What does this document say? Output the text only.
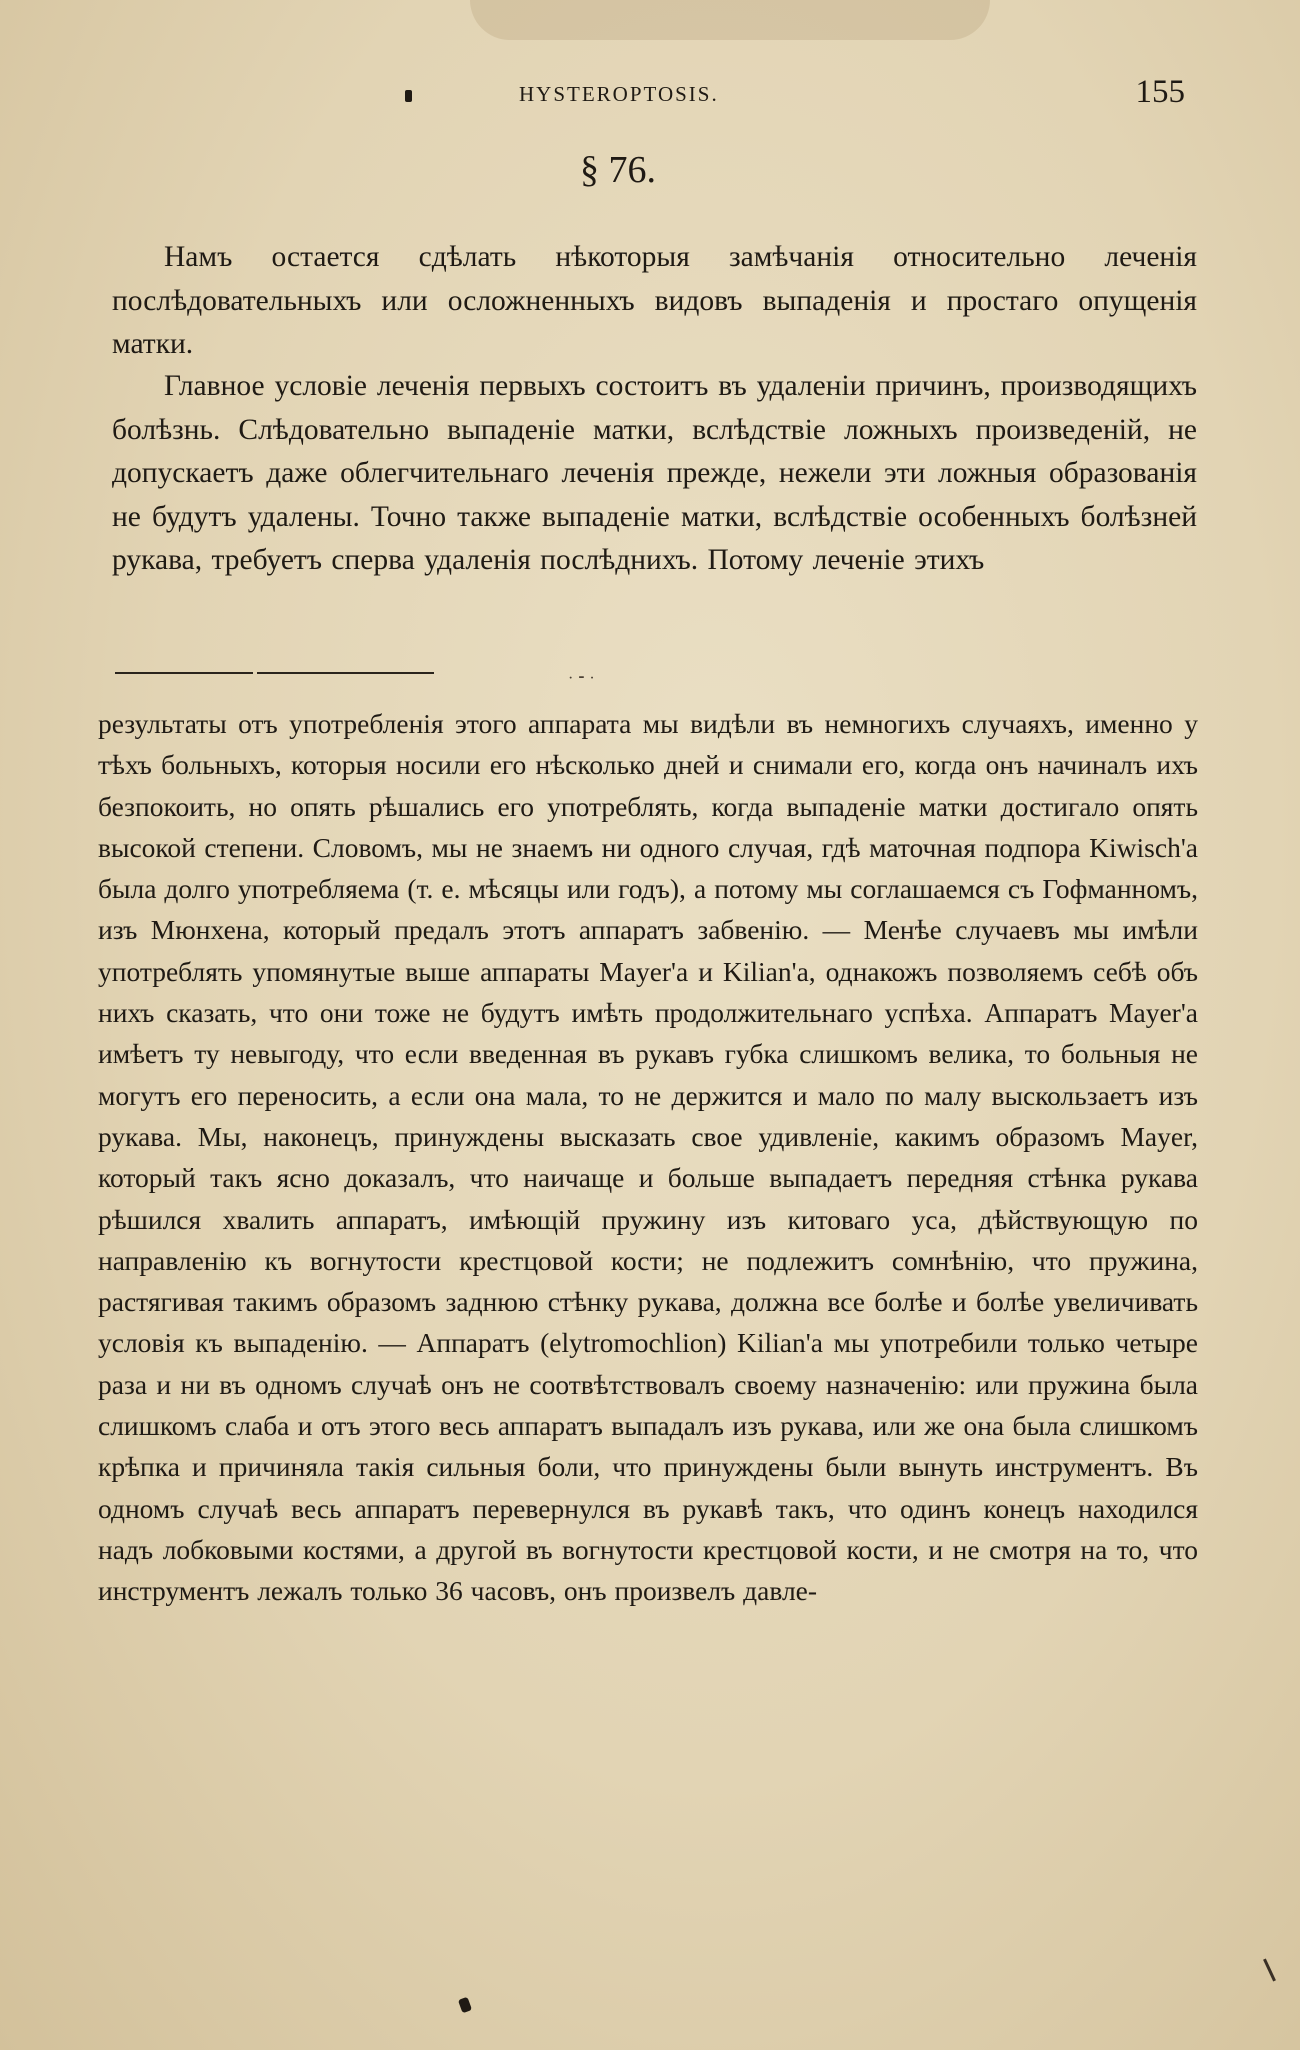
HYSTEROPTOSIS.	155
§ 76.

Намъ остается сдѣлать нѣкоторыя замѣчанія относительно леченія послѣдовательныхъ или осложненныхъ видовъ выпаденія и простаго опущенія матки.

Главное условіе леченія первыхъ состоитъ въ удаленіи причинъ, производящихъ болѣзнь. Слѣдовательно выпаденіе матки, вслѣдствіе ложныхъ произведеній, не допускаетъ даже облегчительнаго леченія прежде, нежели эти ложныя образованія не будутъ удалены. Точно также выпаденіе матки, вслѣдствіе особенныхъ болѣзней рукава, требуетъ сперва удаленія послѣднихъ. Потому леченіе этихъ

· ⁃ ·

результаты отъ употребленія этого аппарата мы видѣли въ немногихъ случаяхъ, именно у тѣхъ больныхъ, которыя носили его нѣсколько дней и снимали его, когда онъ начиналъ ихъ безпокоить, но опять рѣшались его употреблять, когда выпаденіе матки достигало опять высокой степени. Словомъ, мы не знаемъ ни одного случая, гдѣ маточная подпора Kiwisch'а была долго употребляема (т. е. мѣсяцы или годъ), а потому мы соглашаемся съ Гофманномъ, изъ Мюнхена, который предалъ этотъ аппаратъ забвенію. — Менѣе случаевъ мы имѣли употреблять упомянутые выше аппараты Mayer'а и Kilian'а, однакожъ позволяемъ себѣ объ нихъ сказать, что они тоже не будутъ имѣть продолжительнаго успѣха. Аппаратъ Mayer'а имѣетъ ту невыгоду, что если введенная въ рукавъ губка слишкомъ велика, то больныя не могутъ его переносить, а если она мала, то не держится и мало по малу выскользаетъ изъ рукава. Мы, наконецъ, принуждены высказать свое удивленіе, какимъ образомъ Mayer, который такъ ясно доказалъ, что наичаще и больше выпадаетъ передняя стѣнка рукава рѣшился хвалить аппаратъ, имѣющій пружину изъ китоваго уса, дѣйствующую по направленію къ вогнутости крестцовой кости; не подлежитъ сомнѣнію, что пружина, растягивая такимъ образомъ заднюю стѣнку рукава, должна все болѣе и болѣе увеличивать условія къ выпаденію. — Аппаратъ (elytromochlion) Kilian'а мы употребили только четыре раза и ни въ одномъ случаѣ онъ не соотвѣтствовалъ своему назначенію: или пружина была слишкомъ слаба и отъ этого весь аппаратъ выпадалъ изъ рукава, или же она была слишкомъ крѣпка и причиняла такія сильныя боли, что принуждены были вынуть инструментъ. Въ одномъ случаѣ весь аппаратъ перевернулся въ рукавѣ такъ, что одинъ конецъ находился надъ лобковыми костями, а другой въ вогнутости крестцовой кости, и не смотря на то, что инструментъ лежалъ только 36 часовъ, онъ произвелъ давле-
